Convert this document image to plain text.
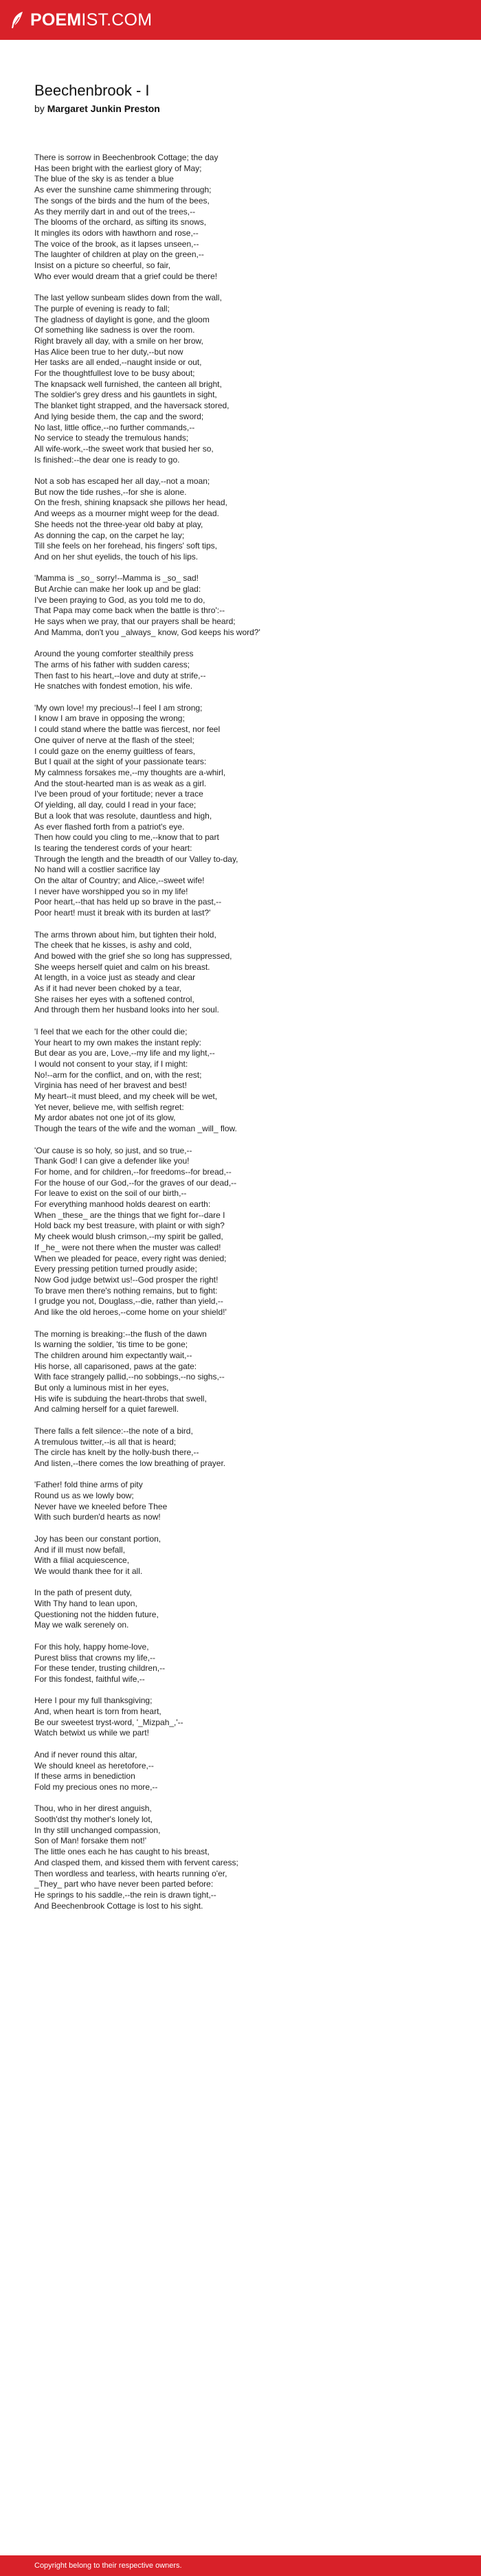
POEMIST.COM
Beechenbrook - I
by Margaret Junkin Preston
There is sorrow in Beechenbrook Cottage; the day
Has been bright with the earliest glory of May;
The blue of the sky is as tender a blue
As ever the sunshine came shimmering through;
The songs of the birds and the hum of the bees,
As they merrily dart in and out of the trees,--
The blooms of the orchard, as sifting its snows,
It mingles its odors with hawthorn and rose,--
The voice of the brook, as it lapses unseen,--
The laughter of children at play on the green,--
Insist on a picture so cheerful, so fair,
Who ever would dream that a grief could be there!
The last yellow sunbeam slides down from the wall,
The purple of evening is ready to fall;
The gladness of daylight is gone, and the gloom
Of something like sadness is over the room.
Right bravely all day, with a smile on her brow,
Has Alice been true to her duty,--but now
Her tasks are all ended,--naught inside or out,
For the thoughtfullest love to be busy about;
The knapsack well furnished, the canteen all bright,
The soldier's grey dress and his gauntlets in sight,
The blanket tight strapped, and the haversack stored,
And lying beside them, the cap and the sword;
No last, little office,--no further commands,--
No service to steady the tremulous hands;
All wife-work,--the sweet work that busied her so,
Is finished:--the dear one is ready to go.
Not a sob has escaped her all day,--not a moan;
But now the tide rushes,--for she is alone.
On the fresh, shining knapsack she pillows her head,
And weeps as a mourner might weep for the dead.
She heeds not the three-year old baby at play,
As donning the cap, on the carpet he lay;
Till she feels on her forehead, his fingers' soft tips,
And on her shut eyelids, the touch of his lips.
'Mamma is _so_ sorry!--Mamma is _so_ sad!
But Archie can make her look up and be glad:
I've been praying to God, as you told me to do,
That Papa may come back when the battle is thro':--
He says when we pray, that our prayers shall be heard;
And Mamma, don't you _always_ know, God keeps his word?'
Around the young comforter stealthily press
The arms of his father with sudden caress;
Then fast to his heart,--love and duty at strife,--
He snatches with fondest emotion, his wife.
'My own love! my precious!--I feel I am strong;
I know I am brave in opposing the wrong;
I could stand where the battle was fiercest, nor feel
One quiver of nerve at the flash of the steel;
I could gaze on the enemy guiltless of fears,
But I quail at the sight of your passionate tears:
My calmness forsakes me,--my thoughts are a-whirl,
And the stout-hearted man is as weak as a girl.
I've been proud of your fortitude; never a trace
Of yielding, all day, could I read in your face;
But a look that was resolute, dauntless and high,
As ever flashed forth from a patriot's eye.
Then how could you cling to me,--know that to part
Is tearing the tenderest cords of your heart:
Through the length and the breadth of our Valley to-day,
No hand will a costlier sacrifice lay
On the altar of Country; and Alice,--sweet wife!
I never have worshipped you so in my life!
Poor heart,--that has held up so brave in the past,--
Poor heart! must it break with its burden at last?'
The arms thrown about him, but tighten their hold,
The cheek that he kisses, is ashy and cold,
And bowed with the grief she so long has suppressed,
She weeps herself quiet and calm on his breast.
At length, in a voice just as steady and clear
As if it had never been choked by a tear,
She raises her eyes with a softened control,
And through them her husband looks into her soul.
'I feel that we each for the other could die;
Your heart to my own makes the instant reply:
But dear as you are, Love,--my life and my light,--
I would not consent to your stay, if I might:
No!--arm for the conflict, and on, with the rest;
Virginia has need of her bravest and best!
My heart--it must bleed, and my cheek will be wet,
Yet never, believe me, with selfish regret:
My ardor abates not one jot of its glow,
Though the tears of the wife and the woman _will_ flow.
'Our cause is so holy, so just, and so true,--
Thank God! I can give a defender like you!
For home, and for children,--for freedoms--for bread,--
For the house of our God,--for the graves of our dead,--
For leave to exist on the soil of our birth,--
For everything manhood holds dearest on earth:
When _these_ are the things that we fight for--dare I
Hold back my best treasure, with plaint or with sigh?
My cheek would blush crimson,--my spirit be galled,
If _he_ were not there when the muster was called!
When we pleaded for peace, every right was denied;
Every pressing petition turned proudly aside;
Now God judge betwixt us!--God prosper the right!
To brave men there's nothing remains, but to fight:
I grudge you not, Douglass,--die, rather than yield,--
And like the old heroes,--come home on your shield!'
The morning is breaking:--the flush of the dawn
Is warning the soldier, 'tis time to be gone;
The children around him expectantly wait,--
His horse, all caparisoned, paws at the gate:
With face strangely pallid,--no sobbings,--no sighs,--
But only a luminous mist in her eyes,
His wife is subduing the heart-throbs that swell,
And calming herself for a quiet farewell.
There falls a felt silence:--the note of a bird,
A tremulous twitter,--is all that is heard;
The circle has knelt by the holly-bush there,--
And listen,--there comes the low breathing of prayer.
'Father! fold thine arms of pity
Round us as we lowly bow;
Never have we kneeled before Thee
With such burden'd hearts as now!
Joy has been our constant portion,
And if ill must now befall,
With a filial acquiescence,
We would thank thee for it all.
In the path of present duty,
With Thy hand to lean upon,
Questioning not the hidden future,
May we walk serenely on.
For this holy, happy home-love,
Purest bliss that crowns my life,--
For these tender, trusting children,--
For this fondest, faithful wife,--
Here I pour my full thanksgiving;
And, when heart is torn from heart,
Be our sweetest tryst-word, '_Mizpah_,'--
Watch betwixt us while we part!
And if never round this altar,
We should kneel as heretofore,--
If these arms in benediction
Fold my precious ones no more,--
Thou, who in her direst anguish,
Sooth'dst thy mother's lonely lot,
In thy still unchanged compassion,
Son of Man! forsake them not!'
The little ones each he has caught to his breast,
And clasped them, and kissed them with fervent caress;
Then wordless and tearless, with hearts running o'er,
_They_ part who have never been parted before:
He springs to his saddle,--the rein is drawn tight,--
And Beechenbrook Cottage is lost to his sight.
Copyright belong to their respective owners.
